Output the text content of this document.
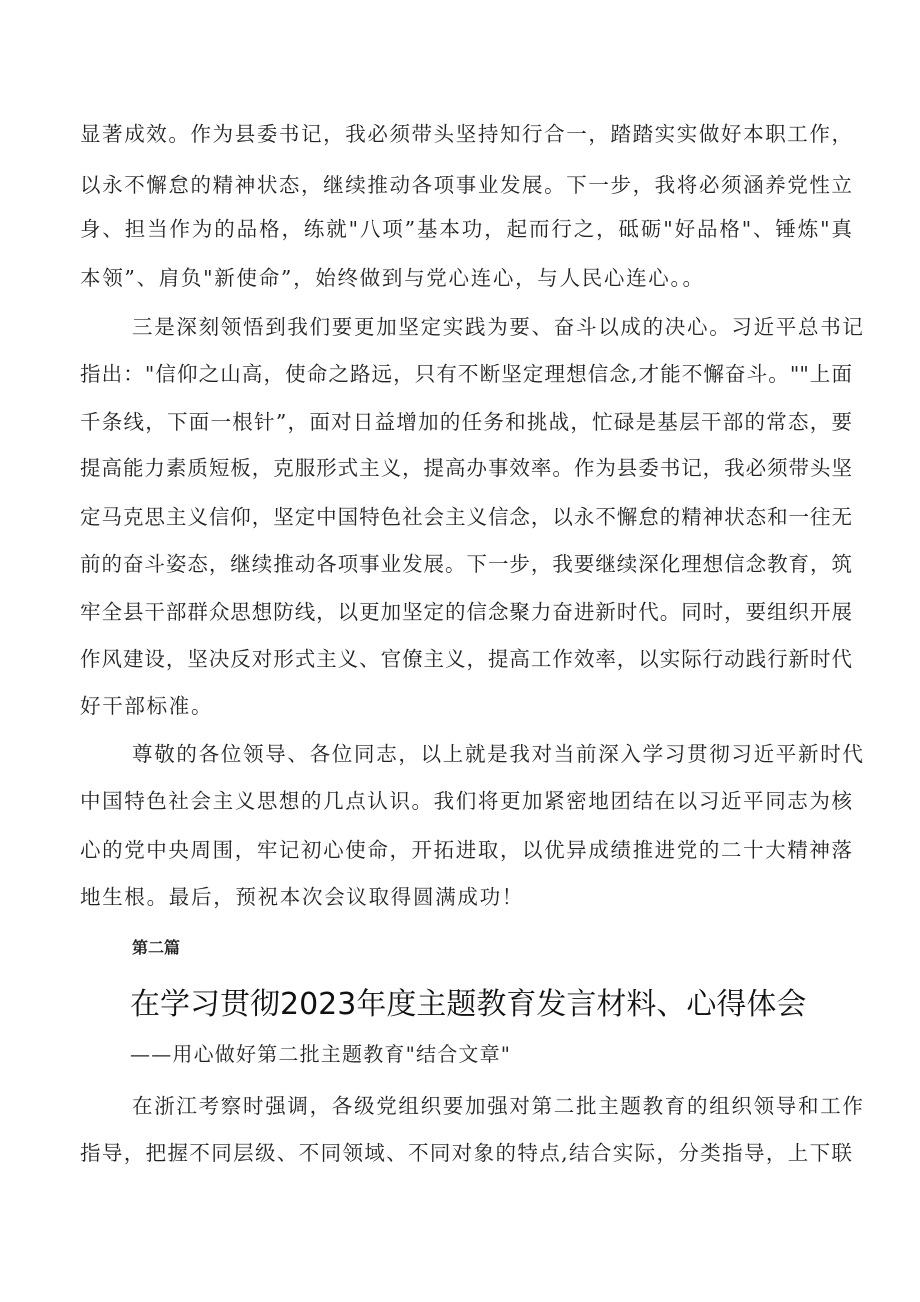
显著成效。作为县委书记，我必须带头坚持知行合一，踏踏实实做好本职工作，
以永不懈怠的精神状态，继续推动各项事业发展。下一步，我将必须涵养党性立
身、担当作为的品格，练就"八项”基本功，起而行之，砥砺"好品格"、锤炼"真
本领”、肩负"新使命”，始终做到与党心连心，与人民心连心。。
三是深刻领悟到我们要更加坚定实践为要、奋斗以成的决心。习近平总书记
指出："信仰之山高，使命之路远，只有不断坚定理想信念,才能不懈奋斗。""上面
千条线，下面一根针”，面对日益增加的任务和挑战，忙碌是基层干部的常态，要
提高能力素质短板，克服形式主义，提高办事效率。作为县委书记，我必须带头坚
定马克思主义信仰，坚定中国特色社会主义信念，以永不懈怠的精神状态和一往无
前的奋斗姿态，继续推动各项事业发展。下一步，我要继续深化理想信念教育，筑
牢全县干部群众思想防线，以更加坚定的信念聚力奋进新时代。同时，要组织开展
作风建设，坚决反对形式主义、官僚主义，提高工作效率，以实际行动践行新时代
好干部标准。
尊敬的各位领导、各位同志，以上就是我对当前深入学习贯彻习近平新时代
中国特色社会主义思想的几点认识。我们将更加紧密地团结在以习近平同志为核
心的党中央周围，牢记初心使命，开拓进取，以优异成绩推进党的二十大精神落
地生根。最后，预祝本次会议取得圆满成功！
第二篇
在学习贯彻2023年度主题教育发言材料、心得体会
——用心做好第二批主题教育"结合文章"
在浙江考察时强调，各级党组织要加强对第二批主题教育的组织领导和工作
指导，把握不同层级、不同领域、不同对象的特点,结合实际，分类指导，上下联
